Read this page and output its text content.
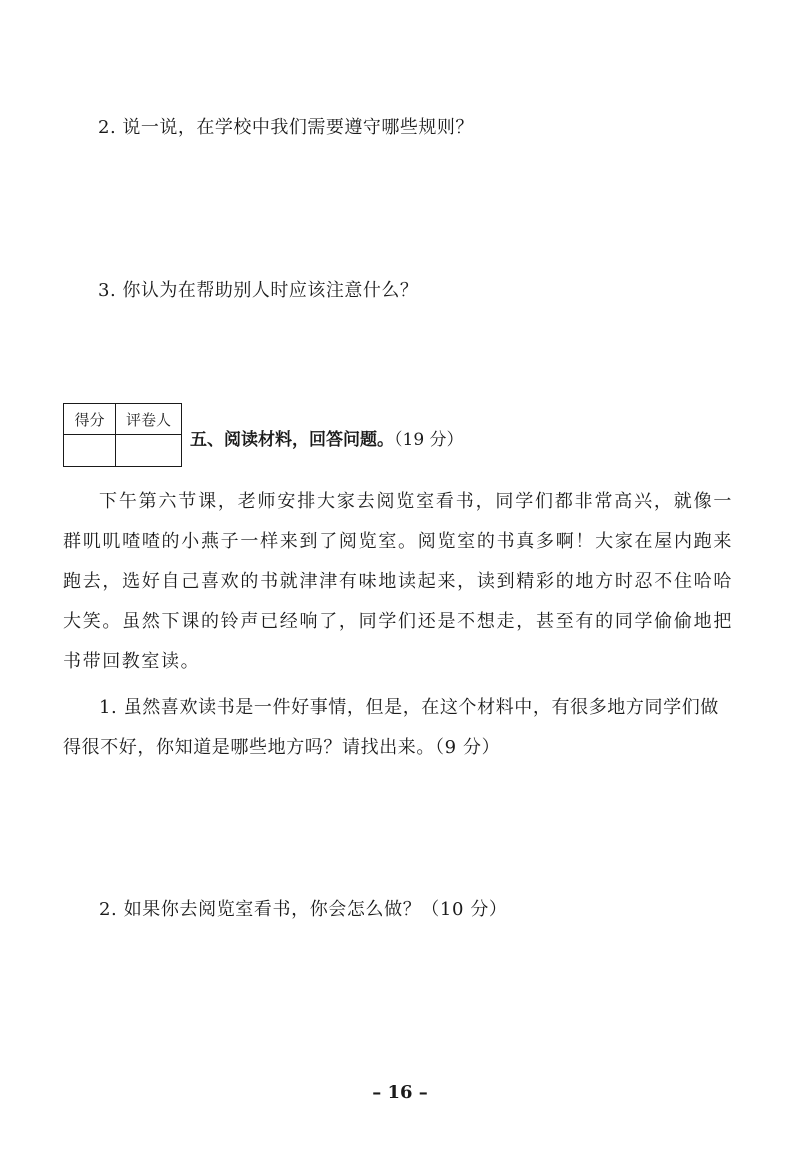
2. 说一说，在学校中我们需要遵守哪些规则？
3. 你认为在帮助别人时应该注意什么？
得分	评卷人
五、阅读材料，回答问题。（19 分）

下午第六节课，老师安排大家去阅览室看书，同学们都非常高兴，就像一群叽叽喳喳的小燕子一样来到了阅览室。阅览室的书真多啊！大家在屋内跑来跑去，选好自己喜欢的书就津津有味地读起来，读到精彩的地方时忍不住哈哈大笑。虽然下课的铃声已经响了，同学们还是不想走，甚至有的同学偷偷地把书带回教室读。

1. 虽然喜欢读书是一件好事情，但是，在这个材料中，有很多地方同学们做得很不好，你知道是哪些地方吗？请找出来。（9 分）

2. 如果你去阅览室看书，你会怎么做？（10 分）

– 16 –
